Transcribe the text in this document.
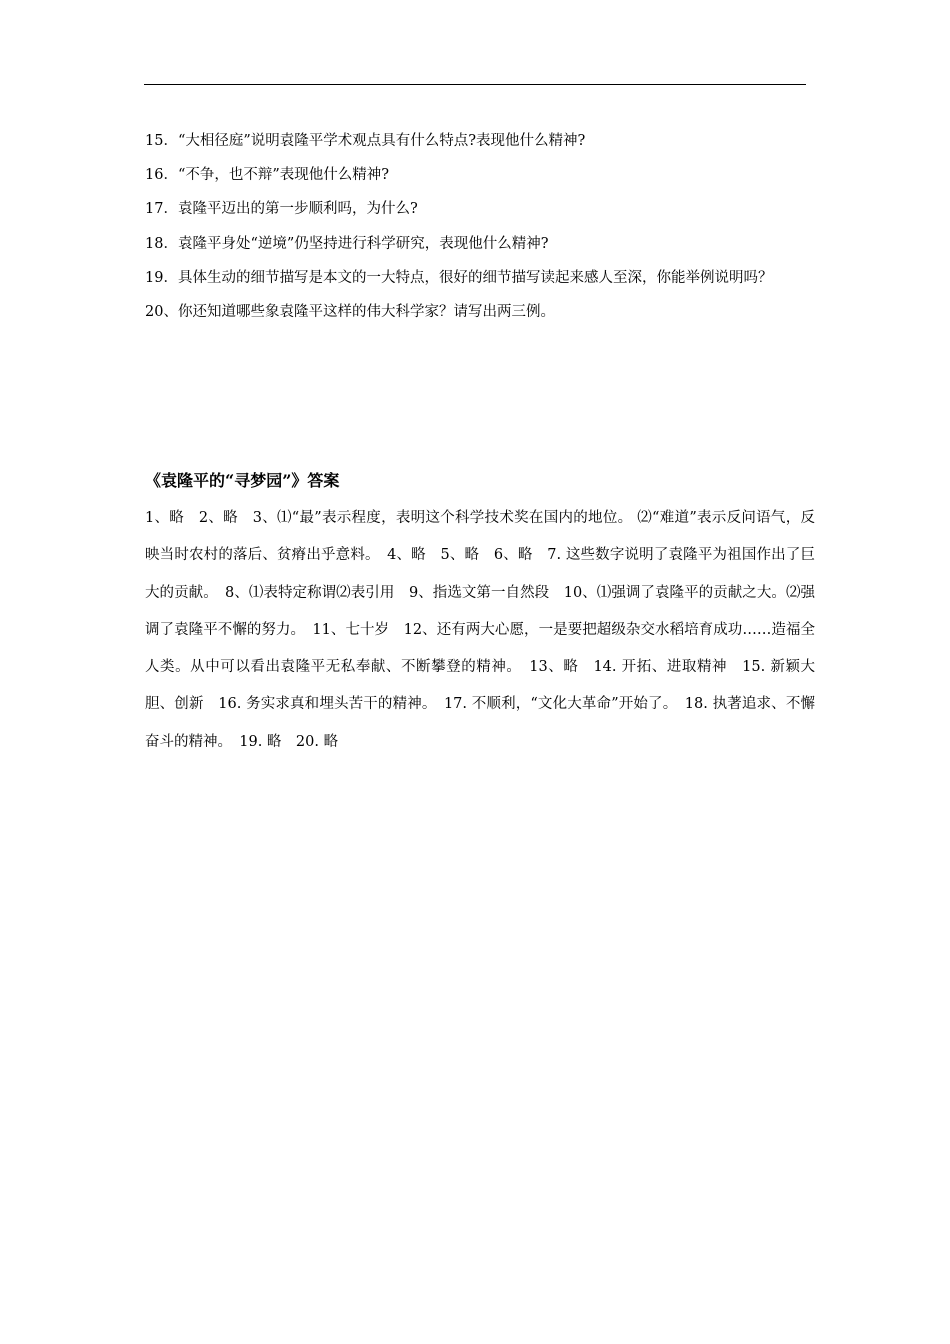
15．“大相径庭”说明袁隆平学术观点具有什么特点?表现他什么精神?

16．“不争，也不辩”表现他什么精神?

17．袁隆平迈出的第一步顺利吗，为什么?

18．袁隆平身处“逆境”仍坚持进行科学研究，表现他什么精神?

19．具体生动的细节描写是本文的一大特点，很好的细节描写读起来感人至深，你能举例说明吗？

20、你还知道哪些象袁隆平这样的伟大科学家？请写出两三例。

《袁隆平的“寻梦园”》答案

1、略　2、略　3、⑴“最”表示程度，表明这个科学技术奖在国内的地位。 ⑵“难道”表示反问语气，反映当时农村的落后、贫瘠出乎意料。　4、略　5、略　6、略　7. 这些数字说明了袁隆平为祖国作出了巨大的贡献。　8、⑴表特定称谓⑵表引用　9、指选文第一自然段　10、⑴强调了袁隆平的贡献之大。⑵强调了袁隆平不懈的努力。　11、七十岁　12、还有两大心愿，一是要把超级杂交水稻培育成功……造福全人类。从中可以看出袁隆平无私奉献、不断攀登的精神。　13、略　14. 开拓、进取精神　15. 新颖大胆、创新　16. 务实求真和埋头苦干的精神。　17. 不顺利，“文化大革命”开始了。　18. 执著追求、不懈奋斗的精神。　19. 略　20. 略
